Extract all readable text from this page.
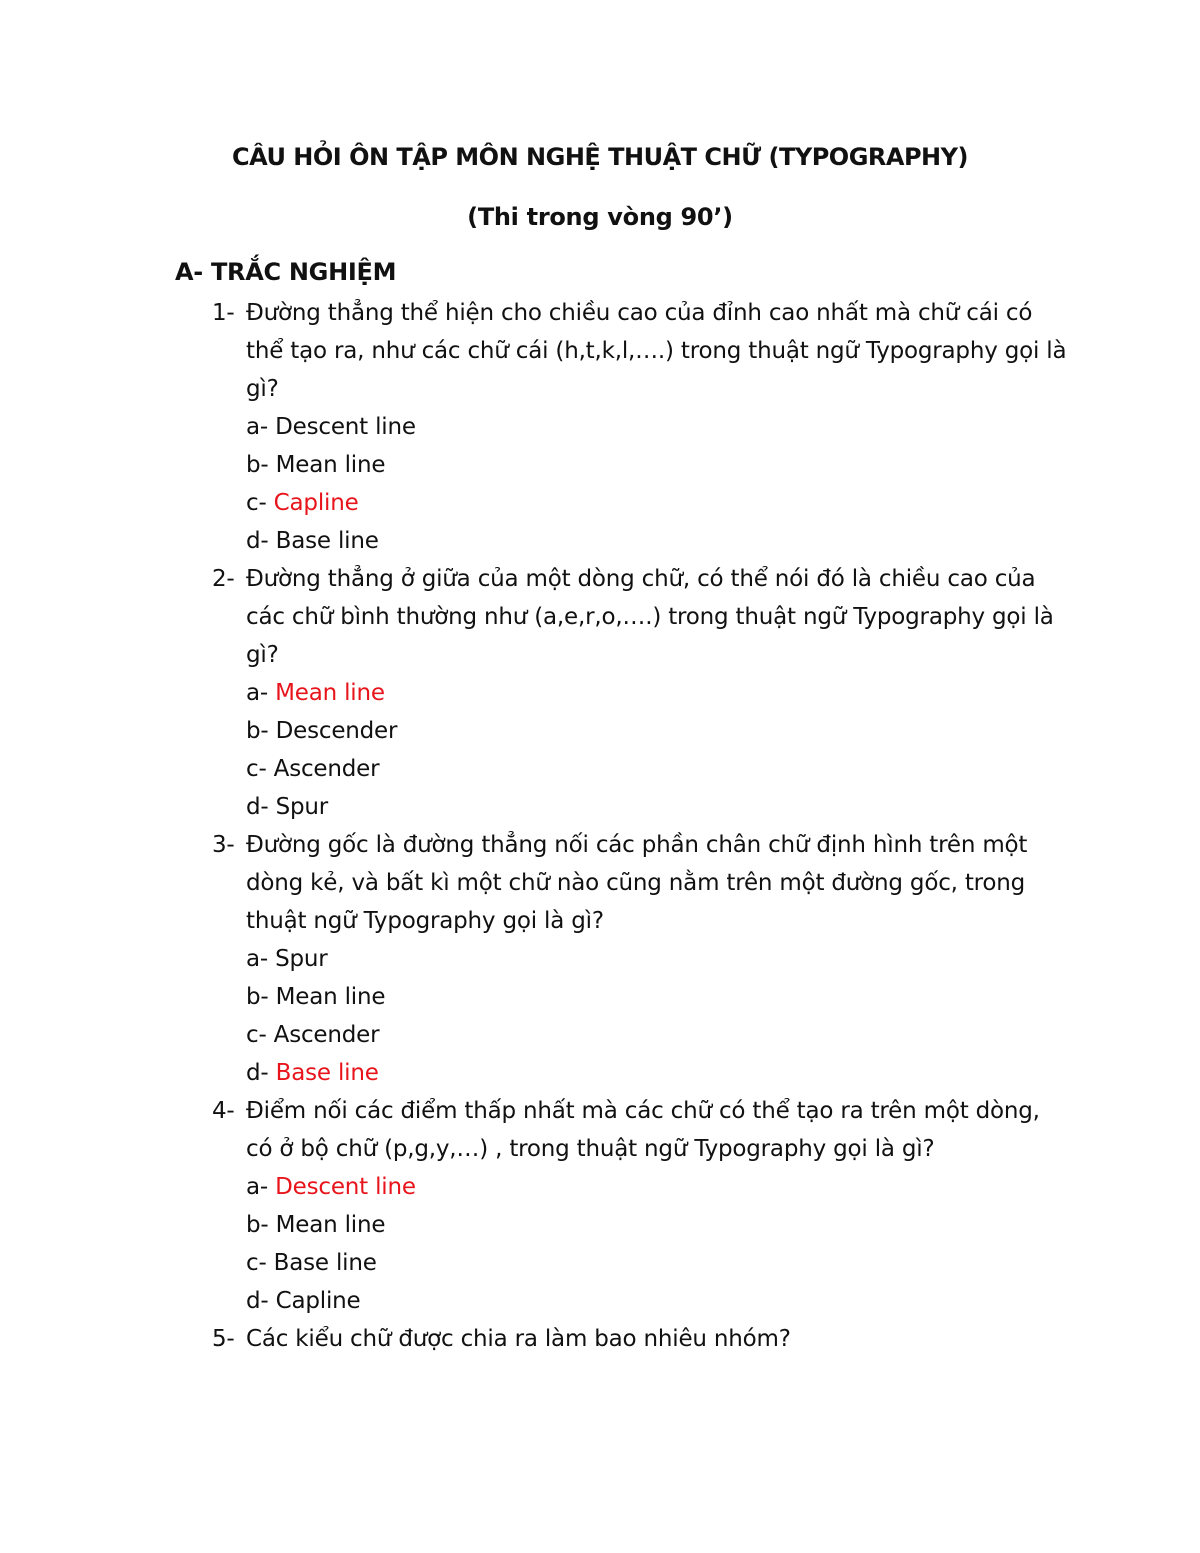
CÂU HỎI ÔN TẬP MÔN NGHỆ THUẬT CHỮ (TYPOGRAPHY)
(Thi trong vòng 90’)
A- TRẮC NGHIỆM
1- Đường thẳng thể hiện cho chiều cao của đỉnh cao nhất mà chữ cái có thể tạo ra, như các chữ cái (h,t,k,l,….) trong thuật ngữ Typography gọi là gì?
a- Descent line
b- Mean line
c- Capline
d- Base line
2- Đường thẳng ở giữa của một dòng chữ, có thể nói đó là chiều cao của các chữ bình thường như (a,e,r,o,….) trong thuật ngữ Typography gọi là gì?
a- Mean line
b- Descender
c- Ascender
d- Spur
3- Đường gốc là đường thẳng nối các phần chân chữ định hình trên một dòng kẻ, và bất kì một chữ nào cũng nằm trên một đường gốc, trong thuật ngữ Typography gọi là gì?
a- Spur
b- Mean line
c- Ascender
d- Base line
4- Điểm nối các điểm thấp nhất mà các chữ có thể tạo ra trên một dòng, có ở bộ chữ (p,g,y,…) , trong thuật ngữ Typography gọi là gì?
a- Descent line
b- Mean line
c- Base line
d- Capline
5- Các kiểu chữ được chia ra làm bao nhiêu nhóm?
